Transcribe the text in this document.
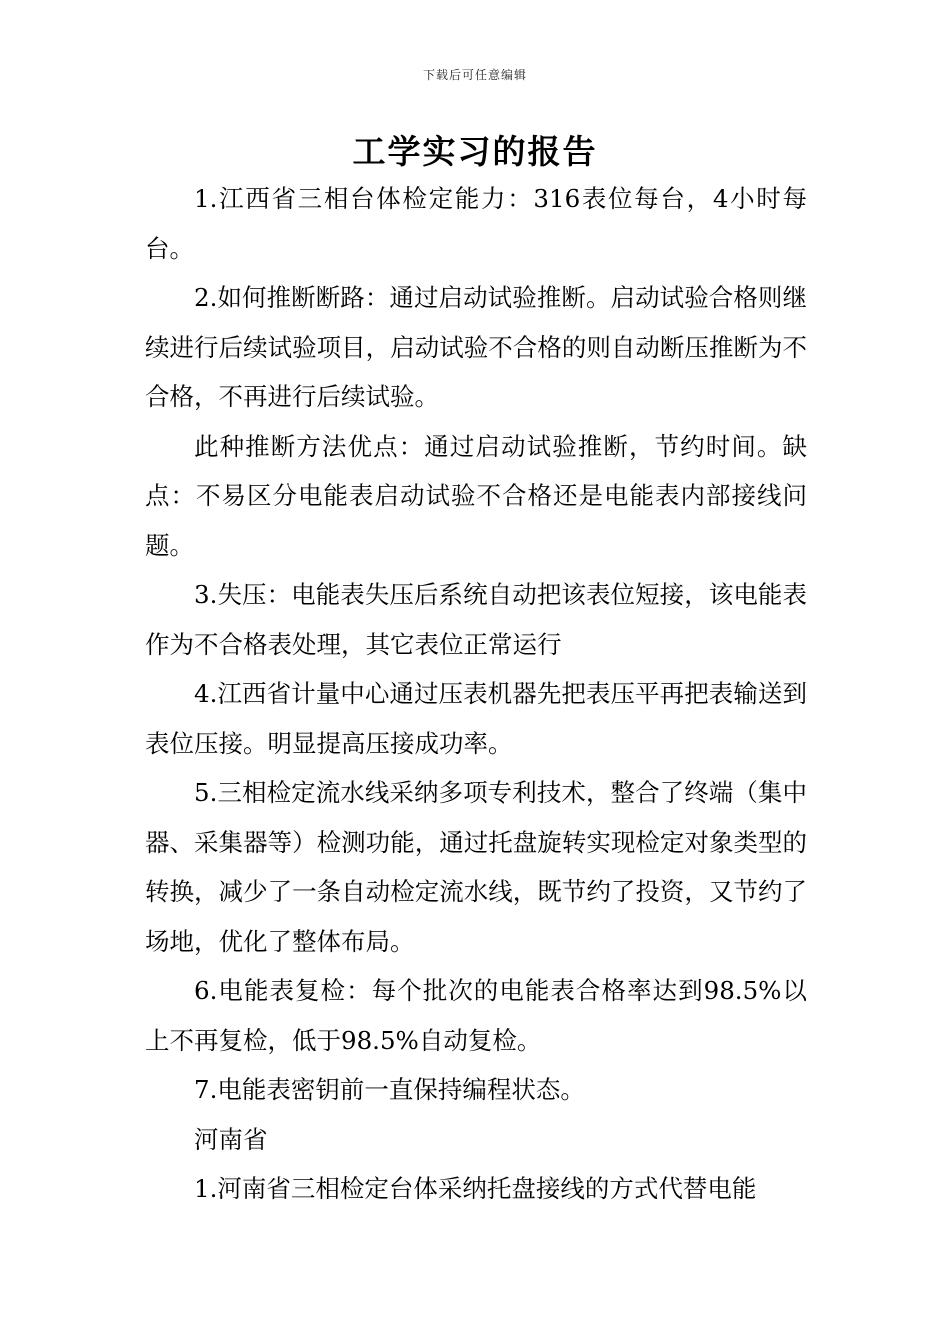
下载后可任意编辑
工学实习的报告

1.江西省三相台体检定能力：316表位每台，4小时每台。

2.如何推断断路：通过启动试验推断。启动试验合格则继续进行后续试验项目，启动试验不合格的则自动断压推断为不合格，不再进行后续试验。

此种推断方法优点：通过启动试验推断，节约时间。缺点：不易区分电能表启动试验不合格还是电能表内部接线问题。

3.失压：电能表失压后系统自动把该表位短接，该电能表作为不合格表处理，其它表位正常运行

4.江西省计量中心通过压表机器先把表压平再把表输送到表位压接。明显提高压接成功率。

5.三相检定流水线采纳多项专利技术，整合了终端（集中器、采集器等）检测功能，通过托盘旋转实现检定对象类型的转换，减少了一条自动检定流水线，既节约了投资，又节约了场地，优化了整体布局。

6.电能表复检：每个批次的电能表合格率达到98.5%以上不再复检，低于98.5%自动复检。

7.电能表密钥前一直保持编程状态。

河南省

1.河南省三相检定台体采纳托盘接线的方式代替电能
